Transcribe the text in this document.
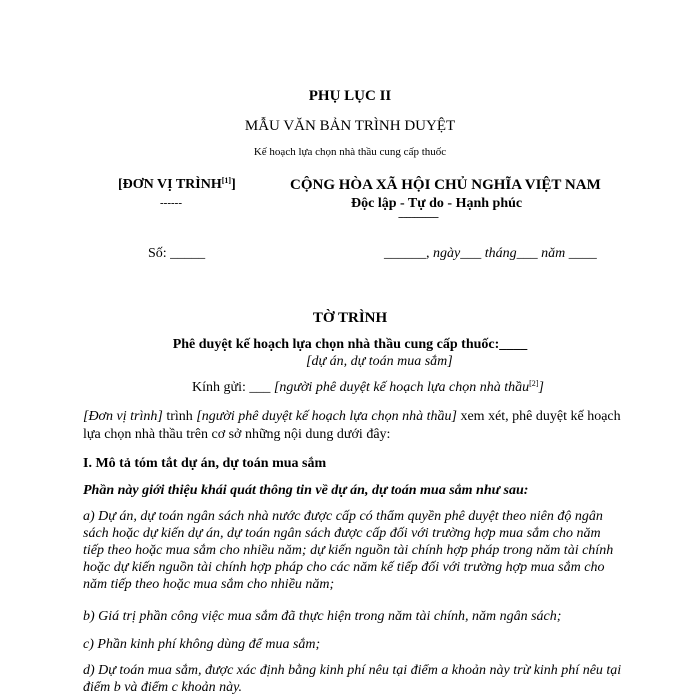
PHỤ LỤC II
MẪU VĂN BẢN TRÌNH DUYỆT
Kế hoạch lựa chọn nhà thầu cung cấp thuốc
[ĐƠN VỊ TRÌNH[1]]
------
CỘNG HÒA XÃ HỘI CHỦ NGHĨA VIỆT NAM
Độc lập - Tự do - Hạnh phúc
---------------
Số: _____	______, ngày___ tháng___ năm ____
TỜ TRÌNH
Phê duyệt kế hoạch lựa chọn nhà thầu cung cấp thuốc:____
[dự án, dự toán mua sắm]
Kính gửi: ___ [người phê duyệt kế hoạch lựa chọn nhà thầu[2]]
[Đơn vị trình] trình [người phê duyệt kế hoạch lựa chọn nhà thầu] xem xét, phê duyệt kế hoạch lựa chọn nhà thầu trên cơ sở những nội dung dưới đây:
I. Mô tả tóm tắt dự án, dự toán mua sắm
Phần này giới thiệu khái quát thông tin về dự án, dự toán mua sắm như sau:
a) Dự án, dự toán ngân sách nhà nước được cấp có thẩm quyền phê duyệt theo niên độ ngân sách hoặc dự kiến dự án, dự toán ngân sách được cấp đối với trường hợp mua sắm cho năm tiếp theo hoặc mua sắm cho nhiều năm; dự kiến nguồn tài chính hợp pháp trong năm tài chính hoặc dự kiến nguồn tài chính hợp pháp cho các năm kế tiếp đối với trường hợp mua sắm cho năm tiếp theo hoặc mua sắm cho nhiều năm;
b) Giá trị phần công việc mua sắm đã thực hiện trong năm tài chính, năm ngân sách;
c) Phần kinh phí không dùng để mua sắm;
d) Dự toán mua sắm, được xác định bằng kinh phí nêu tại điểm a khoản này trừ kinh phí nêu tại điểm b và điểm c khoản này.
